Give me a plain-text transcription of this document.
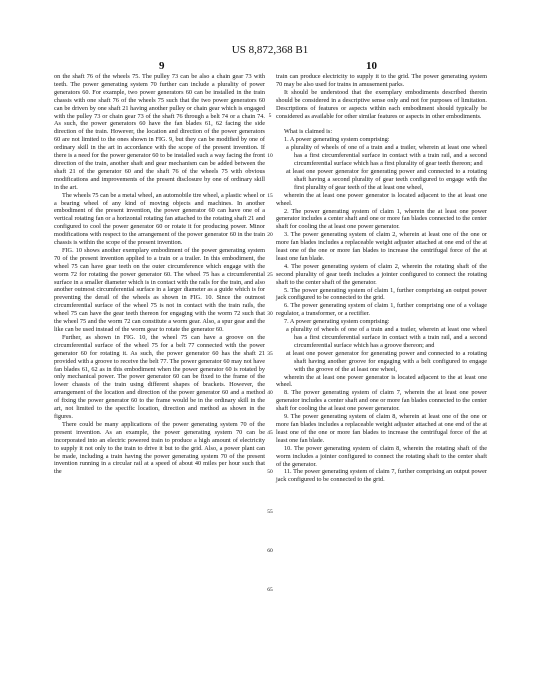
US 8,872,368 B1
9	10

on the shaft 76 of the wheels 75. The pulley 73 can be also a chain gear 73 with teeth. The power generating system 70 further can include a plurality of power generators 60. For example, two power generators 60 can be installed in the train chassis with one shaft 76 of the wheels 75 such that the two power generators 60 can be driven by one shaft 21 having another pulley or chain gear which is engaged with the pulley 73 or chain gear 73 of the shaft 76 through a belt 74 or a chain 74. As such, the power generators 60 have the fan blades 61, 62 facing the side direction of the train. However, the location and direction of the power generators 60 are not limited to the ones shown in FIG. 9, but they can be modified by one of ordinary skill in the art in accordance with the scope of the present invention. If there is a need for the power generator 60 to be installed such a way facing the front direction of the train, another shaft and gear mechanism can be added between the shaft 21 of the generator 60 and the shaft 76 of the wheels 75 with obvious modifications and improvements of the present disclosure by one of ordinary skill in the art.

The wheels 75 can be a metal wheel, an automobile tire wheel, a plastic wheel or a bearing wheel of any kind of moving objects and machines. In another embodiment of the present invention, the power generator 60 can have one of a vertical rotating fan or a horizontal rotating fan attached to the rotating shaft 21 and configured to cool the power generator 60 or rotate it for producing power. Minor modifications with respect to the arrangement of the power generator 60 in the train chassis is within the scope of the present invention.

FIG. 10 shows another exemplary embodiment of the power generating system 70 of the present invention applied to a train or a trailer. In this embodiment, the wheel 75 can have gear teeth on the outer circumference which engage with the worm 72 for rotating the power generator 60. The wheel 75 has a circumferential surface in a smaller diameter which is in contact with the rails for the train, and also another outmost circumferential surface in a larger diameter as a guide which is for preventing the derail of the wheels as shown in FIG. 10. Since the outmost circumferential surface of the wheel 75 is not in contact with the train rails, the wheel 75 can have the gear teeth thereon for engaging with the worm 72 such that the wheel 75 and the worm 72 can constitute a worm gear. Also, a spur gear and the like can be used instead of the worm gear to rotate the generator 60.

Further, as shown in FIG. 10, the wheel 75 can have a groove on the circumferential surface of the wheel 75 for a belt 77 connected with the power generator 60 for rotating it. As such, the power generator 60 has the shaft 21 provided with a groove to receive the belt 77. The power generator 60 may not have fan blades 61, 62 as in this embodiment when the power generator 60 is rotated by only mechanical power. The power generator 60 can be fixed to the frame of the lower chassis of the train using different shapes of brackets. However, the arrangement of the location and direction of the power generator 60 and a method of fixing the power generator 60 to the frame would be in the ordinary skill in the art, not limited to the specific location, direction and method as shown in the figures.

There could be many applications of the power generating system 70 of the present invention. As an example, the power generating system 70 can be incorporated into an electric powered train to produce a high amount of electricity to supply it not only to the train to drive it but to the grid. Also, a power plant can be made, including a train having the power generating system 70 of the present invention running in a circular rail at a speed of about 40 miles per hour such that the

5
10
15
20
25
30
35
40
45
50
55
60
65

train can produce electricity to supply it to the grid. The power generating system 70 may be also used for trains in amusement parks.

It should be understood that the exemplary embodiments described therein should be considered in a descriptive sense only and not for purposes of limitation. Descriptions of features or aspects within each embodiment should typically be considered as available for other similar features or aspects in other embodiments.

What is claimed is:

1. A power generating system comprising:

a plurality of wheels of one of a train and a trailer, wherein at least one wheel has a first circumferential surface in contact with a train rail, and a second circumferential surface which has a first plurality of gear teeth thereon; and

at least one power generator for generating power and connected to a rotating shaft having a second plurality of gear teeth configured to engage with the first plurality of gear teeth of the at least one wheel,

wherein the at least one power generator is located adjacent to the at least one wheel.

2. The power generating system of claim 1, wherein the at least one power generator includes a center shaft and one or more fan blades connected to the center shaft for cooling the at least one power generator.

3. The power generating system of claim 2, wherein at least one of the one or more fan blades includes a replaceable weight adjuster attached at one end of the at least one of the one or more fan blades to increase the centrifugal force of the at least one fan blade.

4. The power generating system of claim 2, wherein the rotating shaft of the second plurality of gear teeth includes a jointer configured to connect the rotating shaft to the center shaft of the generator.

5. The power generating system of claim 1, further comprising an output power jack configured to be connected to the grid.

6. The power generating system of claim 1, further comprising one of a voltage regulator, a transformer, or a rectifier.

7. A power generating system comprising:

a plurality of wheels of one of a train and a trailer, wherein at least one wheel has a first circumferential surface in contact with a train rail, and a second circumferential surface which has a groove thereon; and

at least one power generator for generating power and connected to a rotating shaft having another groove for engaging with a belt configured to engage with the groove of the at least one wheel,

wherein the at least one power generator is located adjacent to the at least one wheel.

8. The power generating system of claim 7, wherein the at least one power generator includes a center shaft and one or more fan blades connected to the center shaft for cooling the at least one power generator.

9. The power generating system of claim 8, wherein at least one of the one or more fan blades includes a replaceable weight adjuster attached at one end of the at least one of the one or more fan blades to increase the centrifugal force of the at least one fan blade.

10. The power generating system of claim 8, wherein the rotating shaft of the worm includes a jointer configured to connect the rotating shaft to the center shaft of the generator.

11. The power generating system of claim 7, further comprising an output power jack configured to be connected to the grid.
